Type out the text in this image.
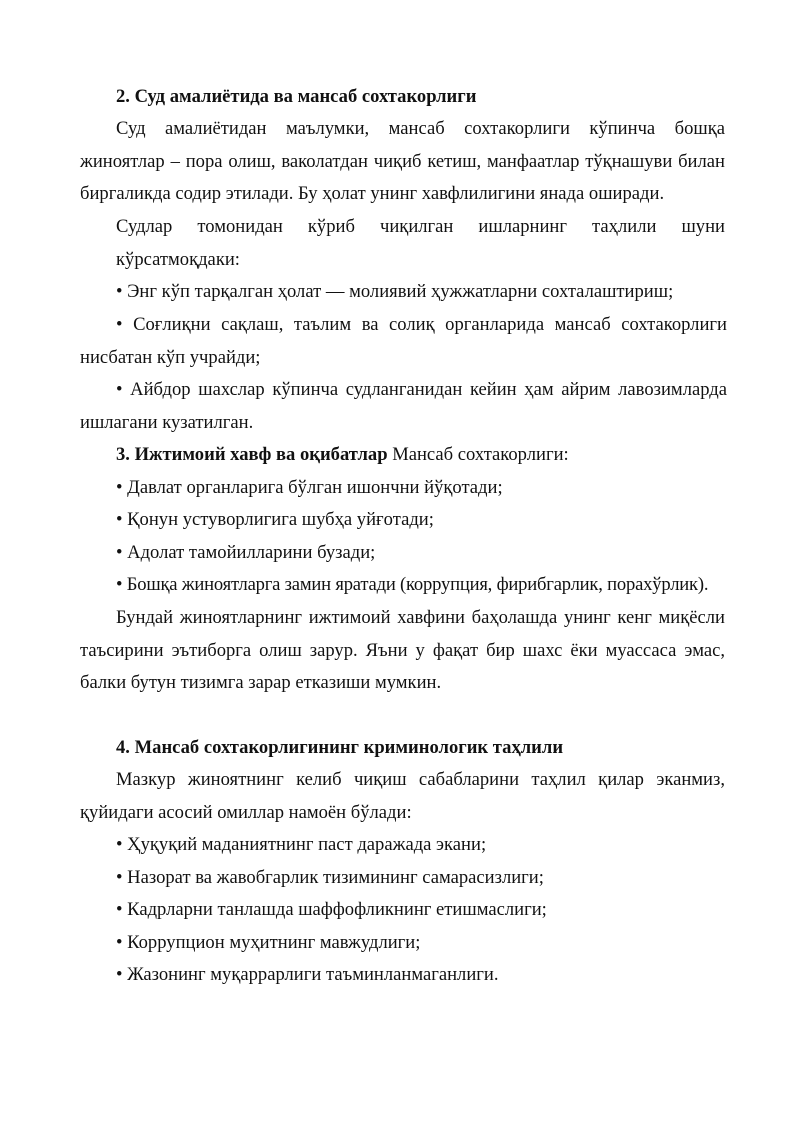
2. Суд амалиётида ва мансаб сохтакорлиги

Суд амалиётидан маълумки, мансаб сохтакорлиги кўпинча бошқа жиноятлар – пора олиш, ваколатдан чиқиб кетиш, манфаатлар тўқнашуви билан биргаликда содир этилади. Бу ҳолат унинг хавфлилигини янада оширади.

Судлар томонидан кўриб чиқилган ишларнинг таҳлили шуни кўрсатмоқдаки:

• Энг кўп тарқалган ҳолат — молиявий ҳужжатларни сохталаштириш;

• Соғлиқни сақлаш, таълим ва солиқ органларида мансаб сохтакорлиги нисбатан кўп учрайди;

• Айбдор шахслар кўпинча судланганидан кейин ҳам айрим лавозимларда ишлагани кузатилган.

3. Ижтимоий хавф ва оқибатлар Мансаб сохтакорлиги:

• Давлат органларига бўлган ишончни йўқотади;

• Қонун устуворлигига шубҳа уйғотади;

• Адолат тамойилларини бузади;

• Бошқа жиноятларга замин яратади (коррупция, фирибгарлик, порахўрлик).

Бундай жиноятларнинг ижтимоий хавфини баҳолашда унинг кенг миқёсли таъсирини эътиборга олиш зарур. Яъни у фақат бир шахс ёки муассаса эмас, балки бутун тизимга зарар етказиши мумкин.

4. Мансаб сохтакорлигининг криминологик таҳлили

Мазкур жиноятнинг келиб чиқиш сабабларини таҳлил қилар эканмиз, қуйидаги асосий омиллар намоён бўлади:

• Ҳуқуқий маданиятнинг паст даражада экани;

• Назорат ва жавобгарлик тизимининг самарасизлиги;

• Кадрларни танлашда шаффофликнинг етишмаслиги;

• Коррупцион муҳитнинг мавжудлиги;

• Жазонинг муқаррарлиги таъминланмаганлиги.
